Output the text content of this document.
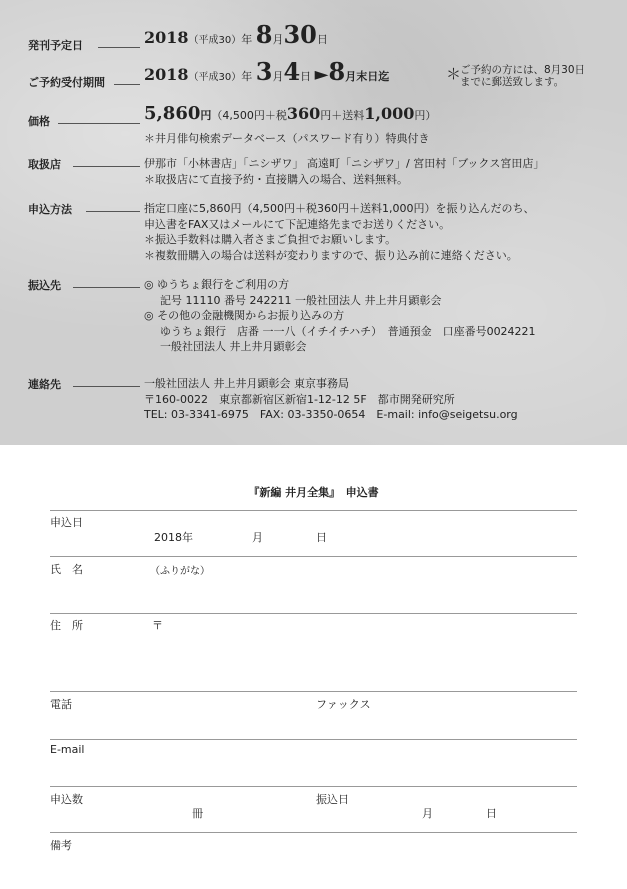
発刊予定日	2018（平成30）年 8月30日
ご予約受付期間 2018（平成30）年 3月4日 ►8月末日迄	＊
ご予約の方には、8月30日
までに郵送致します。
価格	5,860円（4,500円＋税360円＋送料1,000円）
＊井月俳句検索データベース（パスワード有り）特典付き
取扱店	伊那市「小林書店」「ニシザワ」 高遠町「ニシザワ」/ 宮田村「ブックス宮田店」
＊取扱店にて直接予約・直接購入の場合、送料無料。
申込方法	指定口座に5,860円（4,500円＋税360円＋送料1,000円）を振り込んだのち、
申込書をFAX又はメールにて下記連絡先までお送りください。
＊振込手数料は購入者さまご負担でお願いします。
＊複数冊購入の場合は送料が変わりますので、振り込み前に連絡ください。
振込先	◎ ゆうちょ銀行をご利用の方
記号 11110 番号 242211 一般社団法人 井上井月顕彰会
◎ その他の金融機関からお振り込みの方
ゆうちょ銀行　店番 一一八（イチイチハチ）　普通預金　口座番号0024221
一般社団法人 井上井月顕彰会
連絡先	一般社団法人 井上井月顕彰会 東京事務局
〒160-0022　東京都新宿区新宿1-12-12 5F　都市開発研究所
TEL: 03-3341-6975　FAX: 03-3350-0654　E-mail: info@seigetsu.org
『新編 井月全集』　申込書
申込日
2018年	月	日
氏　名	（ふりがな）
住　所	〒
電話	ファックス
E-mail
申込数
冊
振込日
月	日
備考
